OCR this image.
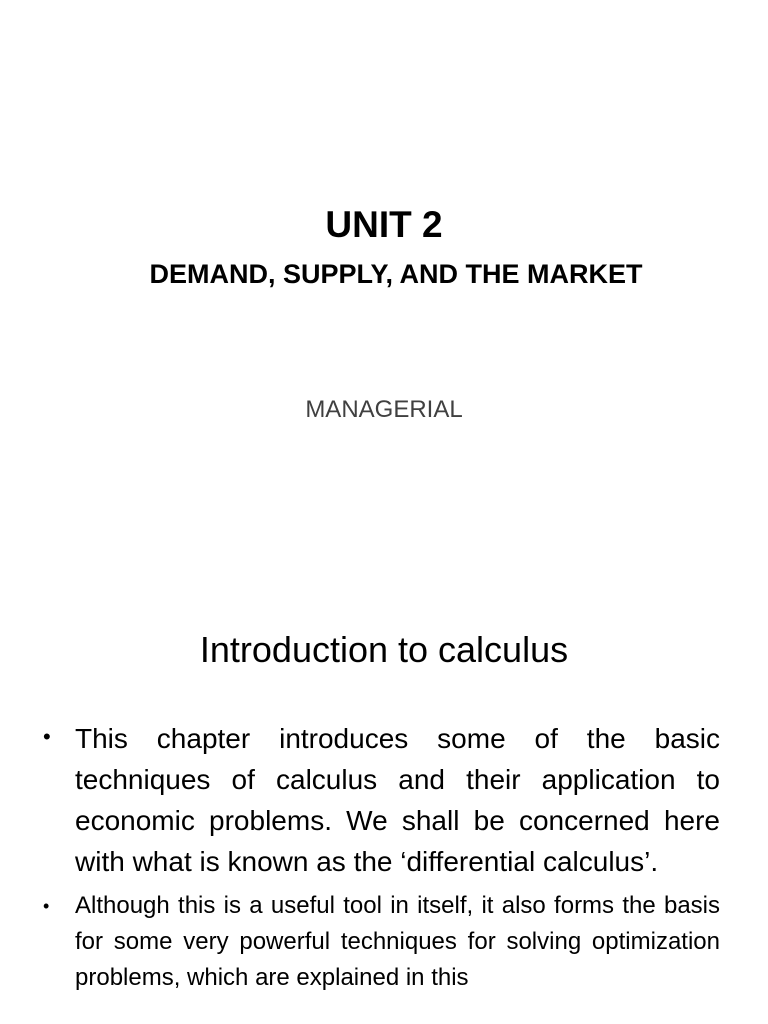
UNIT 2
DEMAND, SUPPLY, AND THE MARKET

MANAGERIAL

Introduction to calculus
• This chapter introduces some of the basic techniques of calculus and their application to economic problems. We shall be concerned here with what is known as the ‘differential calculus’.
•	Although this is a useful tool in itself, it also forms the basis for some very powerful techniques for solving optimization problems, which are explained in this
